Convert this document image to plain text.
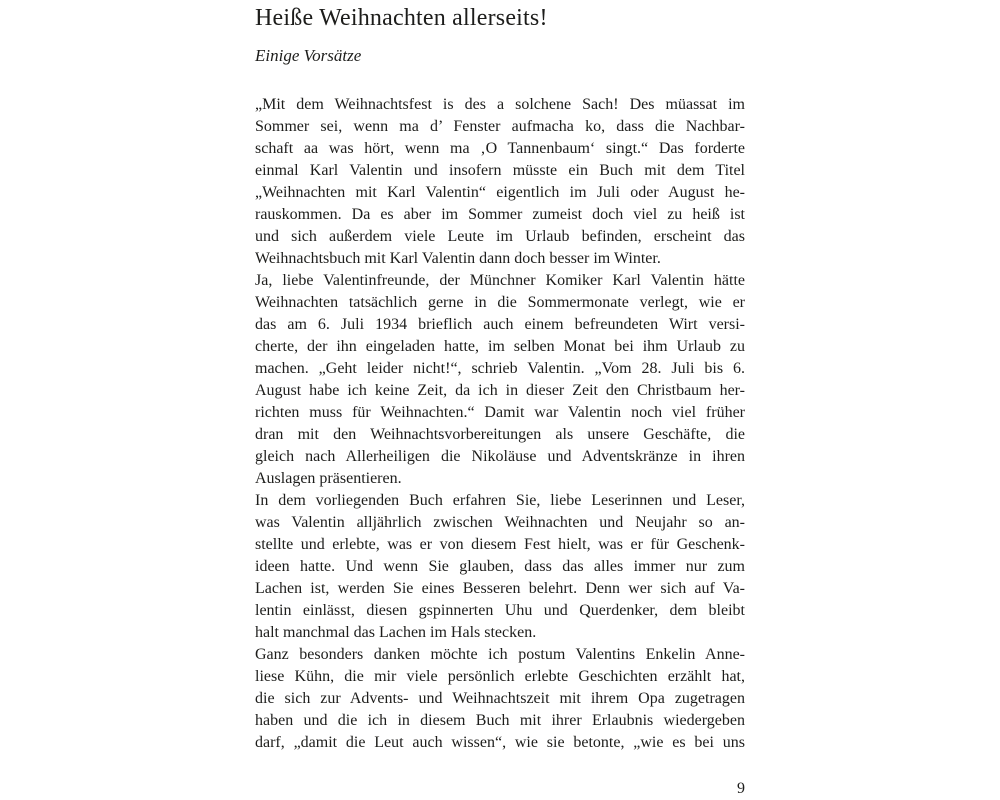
Heiße Weihnachten allerseits!
Einige Vorsätze
„Mit dem Weihnachtsfest is des a solchene Sach! Des müassat im
Sommer sei, wenn ma d’ Fenster aufmacha ko, dass die Nachbar-
schaft aa was hört, wenn ma ‚O Tannenbaum‘ singt.“ Das forderte
einmal Karl Valentin und insofern müsste ein Buch mit dem Titel
„Weihnachten mit Karl Valentin“ eigentlich im Juli oder August he-
rauskommen. Da es aber im Sommer zumeist doch viel zu heiß ist
und sich außerdem viele Leute im Urlaub befinden, erscheint das
Weihnachtsbuch mit Karl Valentin dann doch besser im Winter.
Ja, liebe Valentinfreunde, der Münchner Komiker Karl Valentin hätte
Weihnachten tatsächlich gerne in die Sommermonate verlegt, wie er
das am 6. Juli 1934 brieflich auch einem befreundeten Wirt versi-
cherte, der ihn eingeladen hatte, im selben Monat bei ihm Urlaub zu
machen. „Geht leider nicht!“, schrieb Valentin. „Vom 28. Juli bis 6.
August habe ich keine Zeit, da ich in dieser Zeit den Christbaum her-
richten muss für Weihnachten.“ Damit war Valentin noch viel früher
dran mit den Weihnachtsvorbereitungen als unsere Geschäfte, die
gleich nach Allerheiligen die Nikoläuse und Adventskränze in ihren
Auslagen präsentieren.
In dem vorliegenden Buch erfahren Sie, liebe Leserinnen und Leser,
was Valentin alljährlich zwischen Weihnachten und Neujahr so an-
stellte und erlebte, was er von diesem Fest hielt, was er für Geschenk-
ideen hatte. Und wenn Sie glauben, dass das alles immer nur zum
Lachen ist, werden Sie eines Besseren belehrt. Denn wer sich auf Va-
lentin einlässt, diesen gspinnerten Uhu und Querdenker, dem bleibt
halt manchmal das Lachen im Hals stecken.
Ganz besonders danken möchte ich postum Valentins Enkelin Anne-
liese Kühn, die mir viele persönlich erlebte Geschichten erzählt hat,
die sich zur Advents- und Weihnachtszeit mit ihrem Opa zugetragen
haben und die ich in diesem Buch mit ihrer Erlaubnis wiedergeben
darf, „damit die Leut auch wissen“, wie sie betonte, „wie es bei uns
9
